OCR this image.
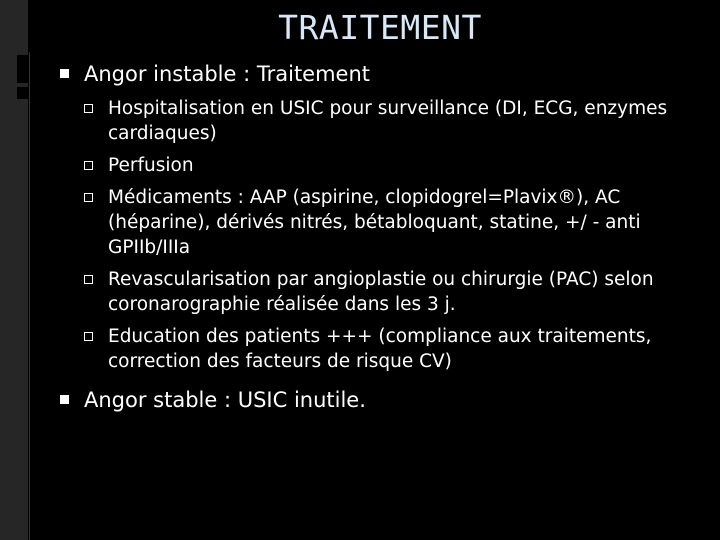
TRAITEMENT
Angor instable : Traitement
Hospitalisation en USIC pour surveillance (DI, ECG, enzymes cardiaques)
Perfusion
Médicaments : AAP (aspirine, clopidogrel=Plavix®), AC (héparine), dérivés nitrés, bétabloquant, statine, +/ - anti GPIIb/IIIa
Revascularisation par angioplastie ou chirurgie (PAC) selon coronarographie réalisée dans les 3 j.
Education des patients +++ (compliance aux traitements, correction des facteurs de risque CV)
Angor stable : USIC inutile.
